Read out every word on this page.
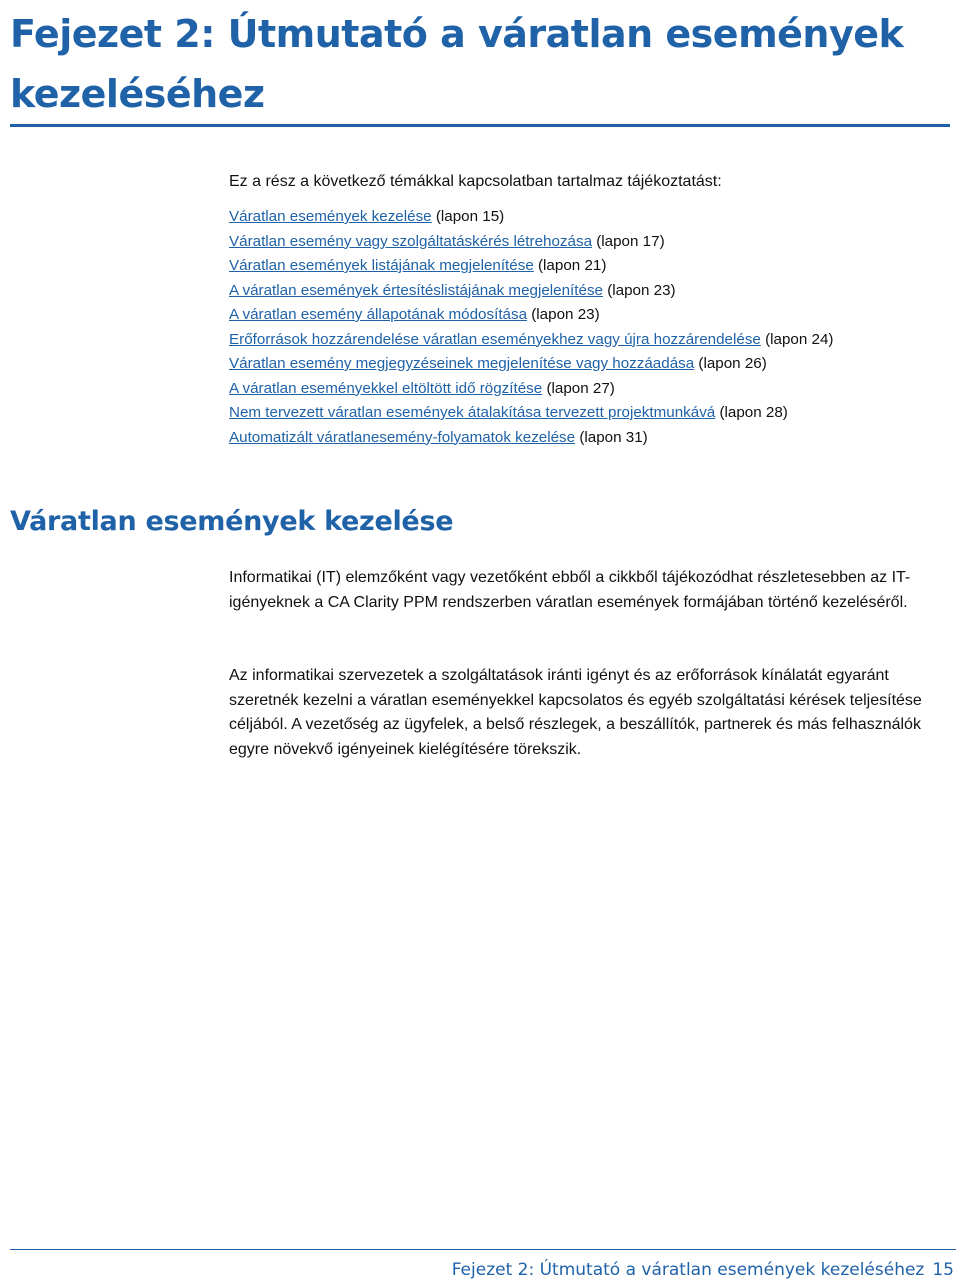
Fejezet 2: Útmutató a váratlan események kezeléséhez

Ez a rész a következő témákkal kapcsolatban tartalmaz tájékoztatást:

Váratlan események kezelése (lapon 15)
Váratlan esemény vagy szolgáltatáskérés létrehozása (lapon 17)
Váratlan események listájának megjelenítése (lapon 21)
A váratlan események értesítéslistájának megjelenítése (lapon 23)
A váratlan esemény állapotának módosítása (lapon 23)
Erőforrások hozzárendelése váratlan eseményekhez vagy újra hozzárendelése (lapon 24)
Váratlan esemény megjegyzéseinek megjelenítése vagy hozzáadása (lapon 26)
A váratlan eseményekkel eltöltött idő rögzítése (lapon 27)
Nem tervezett váratlan események átalakítása tervezett projektmunkává (lapon 28)
Automatizált váratlanesemény-folyamatok kezelése (lapon 31)
Váratlan események kezelése

Informatikai (IT) elemzőként vagy vezetőként ebből a cikkből tájékozódhat részletesebben az IT-igényeknek a CA Clarity PPM rendszerben váratlan események formájában történő kezeléséről.

Az informatikai szervezetek a szolgáltatások iránti igényt és az erőforrások kínálatát egyaránt szeretnék kezelni a váratlan eseményekkel kapcsolatos és egyéb szolgáltatási kérések teljesítése céljából. A vezetőség az ügyfelek, a belső részlegek, a beszállítók, partnerek és más felhasználók egyre növekvő igényeinek kielégítésére törekszik.

Fejezet 2: Útmutató a váratlan események kezeléséhez 15
